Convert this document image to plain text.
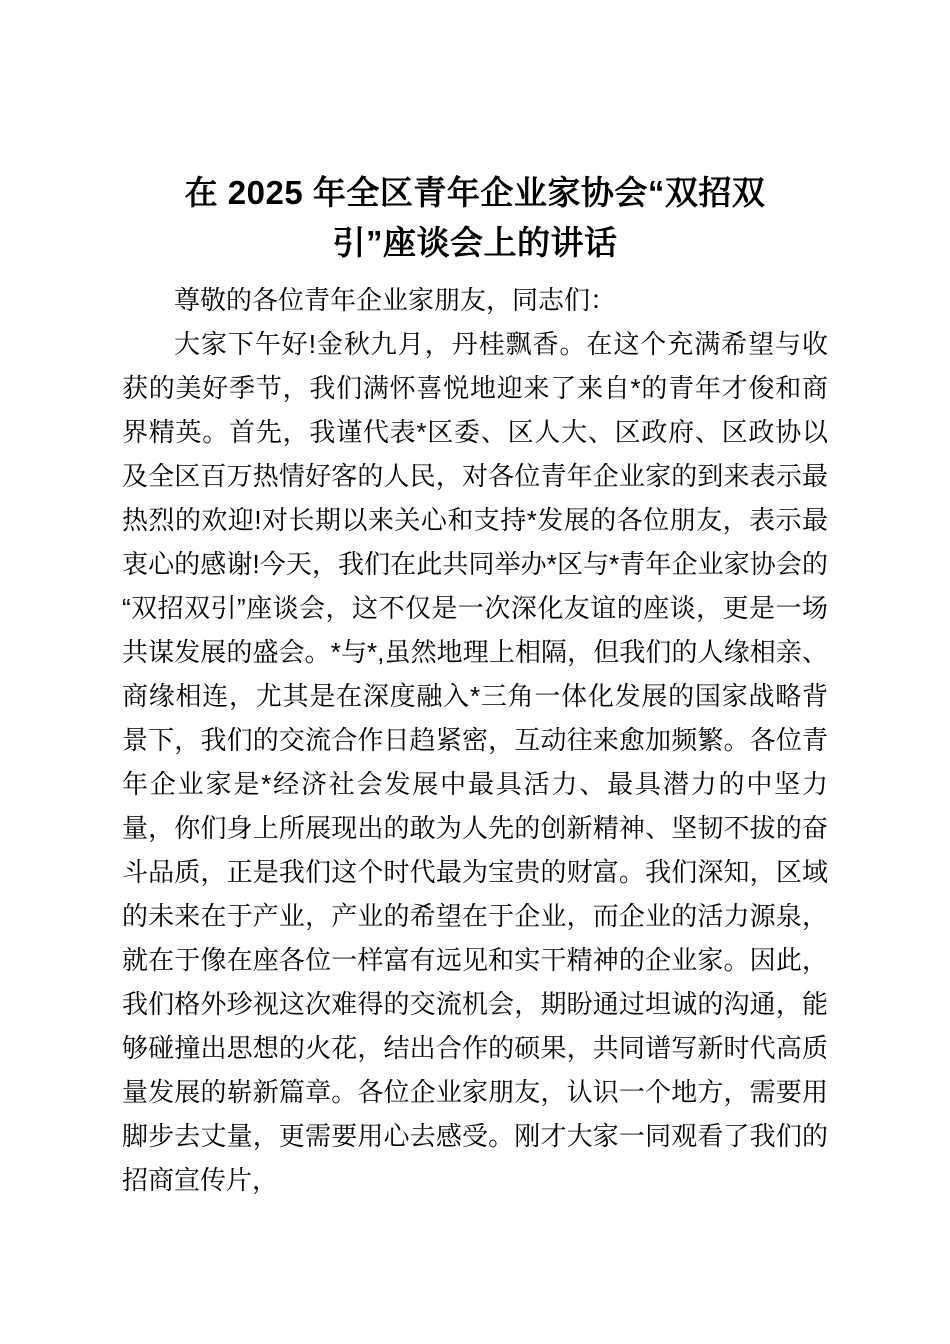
在 2025 年全区青年企业家协会“双招双
引”座谈会上的讲话

尊敬的各位青年企业家朋友，同志们：

大家下午好!金秋九月，丹桂飘香。在这个充满希望与收获的美好季节，我们满怀喜悦地迎来了来自*的青年才俊和商界精英。首先，我谨代表*区委、区人大、区政府、区政协以及全区百万热情好客的人民，对各位青年企业家的到来表示最热烈的欢迎!对长期以来关心和支持*发展的各位朋友，表示最衷心的感谢!今天，我们在此共同举办*区与*青年企业家协会的“双招双引”座谈会，这不仅是一次深化友谊的座谈，更是一场共谋发展的盛会。*与*,虽然地理上相隔，但我们的人缘相亲、商缘相连，尤其是在深度融入*三角一体化发展的国家战略背景下，我们的交流合作日趋紧密，互动往来愈加频繁。各位青年企业家是*经济社会发展中最具活力、最具潜力的中坚力量，你们身上所展现出的敢为人先的创新精神、坚韧不拔的奋斗品质，正是我们这个时代最为宝贵的财富。我们深知，区域的未来在于产业，产业的希望在于企业，而企业的活力源泉，就在于像在座各位一样富有远见和实干精神的企业家。因此，我们格外珍视这次难得的交流机会，期盼通过坦诚的沟通，能够碰撞出思想的火花，结出合作的硕果，共同谱写新时代高质量发展的崭新篇章。各位企业家朋友，认识一个地方，需要用脚步去丈量，更需要用心去感受。刚才大家一同观看了我们的招商宣传片，
